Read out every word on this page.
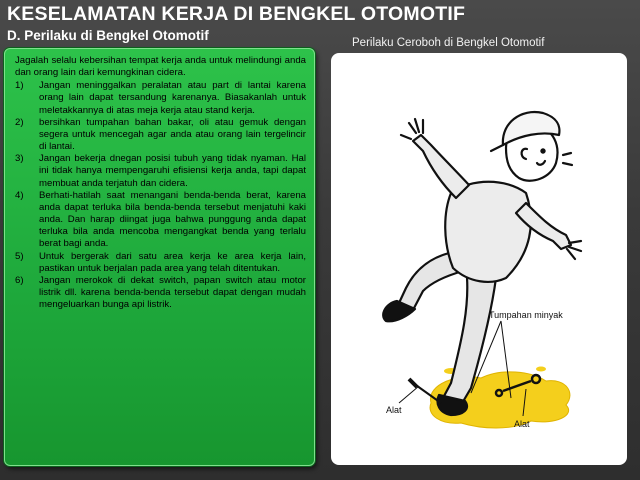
KESELAMATAN KERJA DI BENGKEL OTOMOTIF
D. Perilaku di Bengkel Otomotif	Perilaku Ceroboh di Bengkel Otomotif

Jagalah selalu kebersihan tempat kerja anda untuk melindungi anda dan orang lain dari kemungkinan cidera.

1)	Jangan meninggalkan peralatan atau part di lantai karena orang lain dapat tersandung karenanya. Biasakanlah untuk meletakkannya di atas meja kerja atau stand kerja.
2)	bersihkan tumpahan bahan bakar, oli atau gemuk dengan segera untuk mencegah agar anda atau orang lain tergelincir di lantai.
3)	Jangan bekerja dnegan posisi tubuh yang tidak nyaman. Hal ini tidak hanya mempengaruhi efisiensi kerja anda, tapi dapat membuat anda terjatuh dan cidera.
4)	Berhati-hatilah saat menangani benda-benda berat, karena anda dapat terluka bila benda-benda tersebut menjatuhi kaki anda. Dan harap diingat juga bahwa punggung anda dapat terluka bila anda mencoba mengangkat benda yang terlalu berat bagi anda.
5)	Untuk bergerak dari satu area kerja ke area kerja lain, pastikan untuk berjalan pada area yang telah ditentukan.
6)	Jangan merokok di dekat switch, papan switch atau motor listrik dll. karena benda-benda tersebut dapat dengan mudah mengeluarkan bunga api listrik.
Tumpahan minyak
Alat
Alat
